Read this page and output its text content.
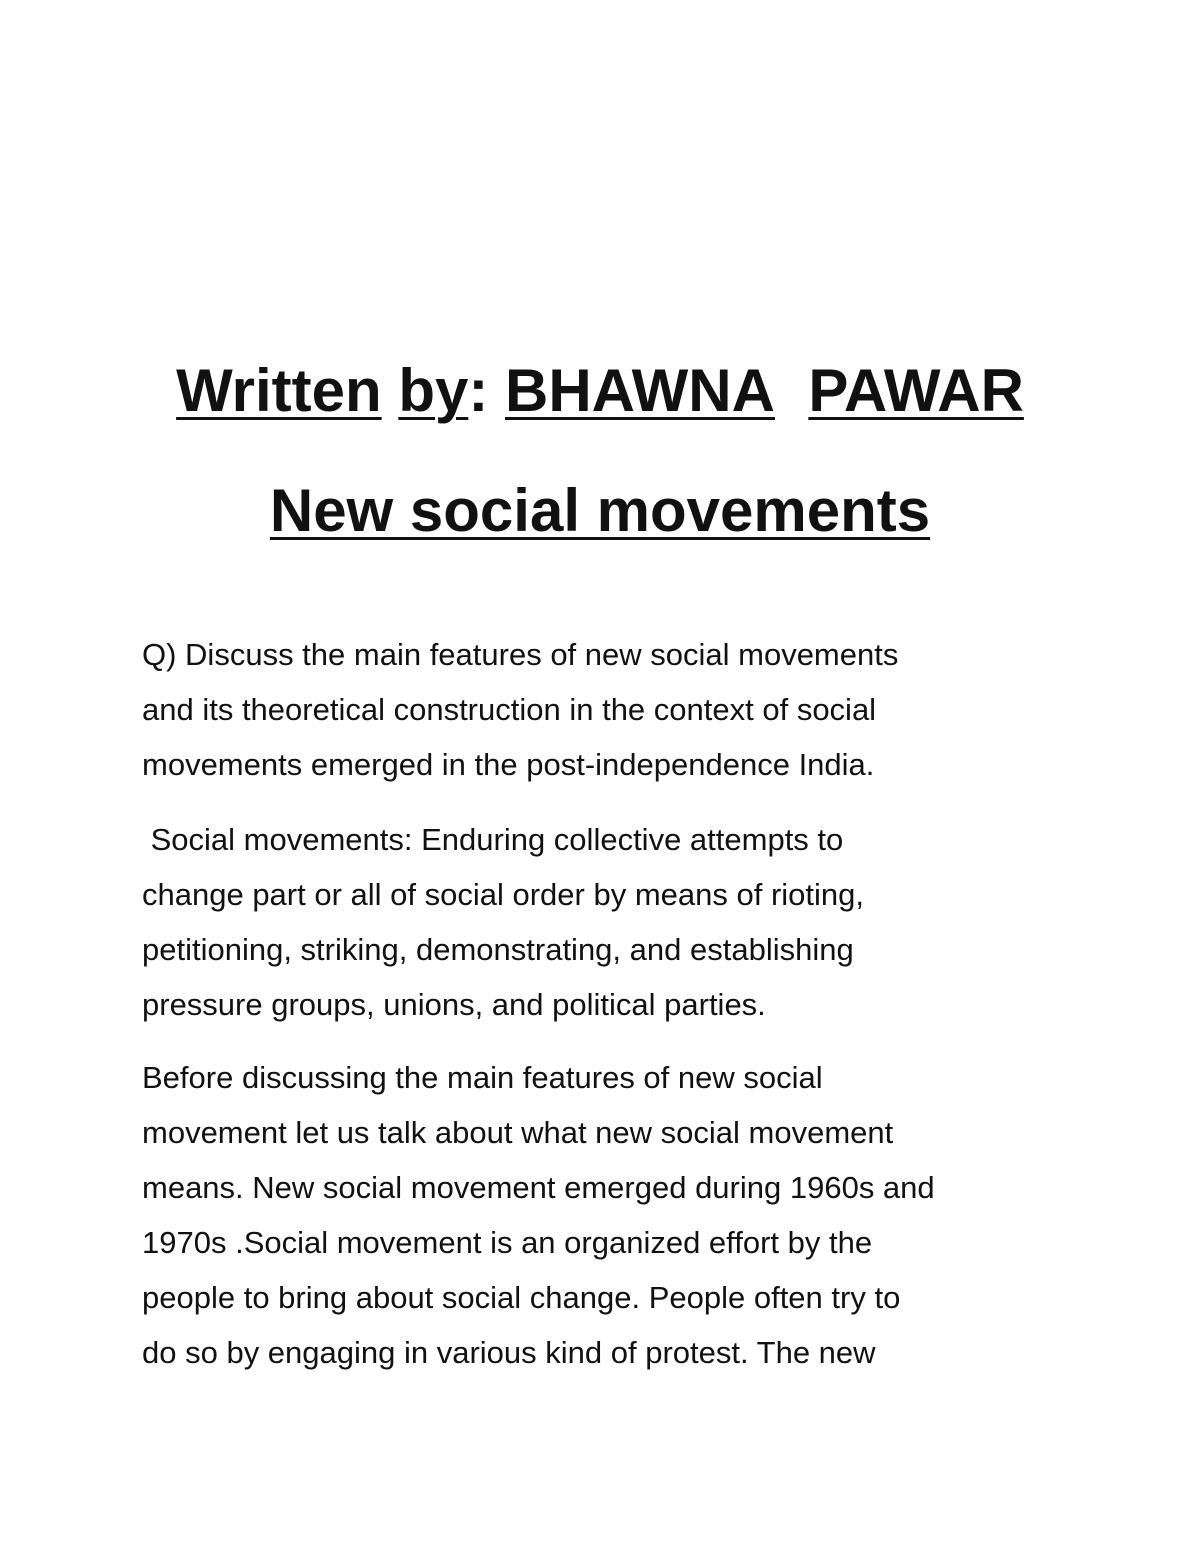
Written by: BHAWNA PAWAR
New social movements

Q) Discuss the main features of new social movements
and its theoretical construction in the context of social
movements emerged in the post-independence India.

Social movements: Enduring collective attempts to
change part or all of social order by means of rioting,
petitioning, striking, demonstrating, and establishing
pressure groups, unions, and political parties.

Before discussing the main features of new social
movement let us talk about what new social movement
means. New social movement emerged during 1960s and
1970s .Social movement is an organized effort by the
people to bring about social change. People often try to
do so by engaging in various kind of protest. The new
